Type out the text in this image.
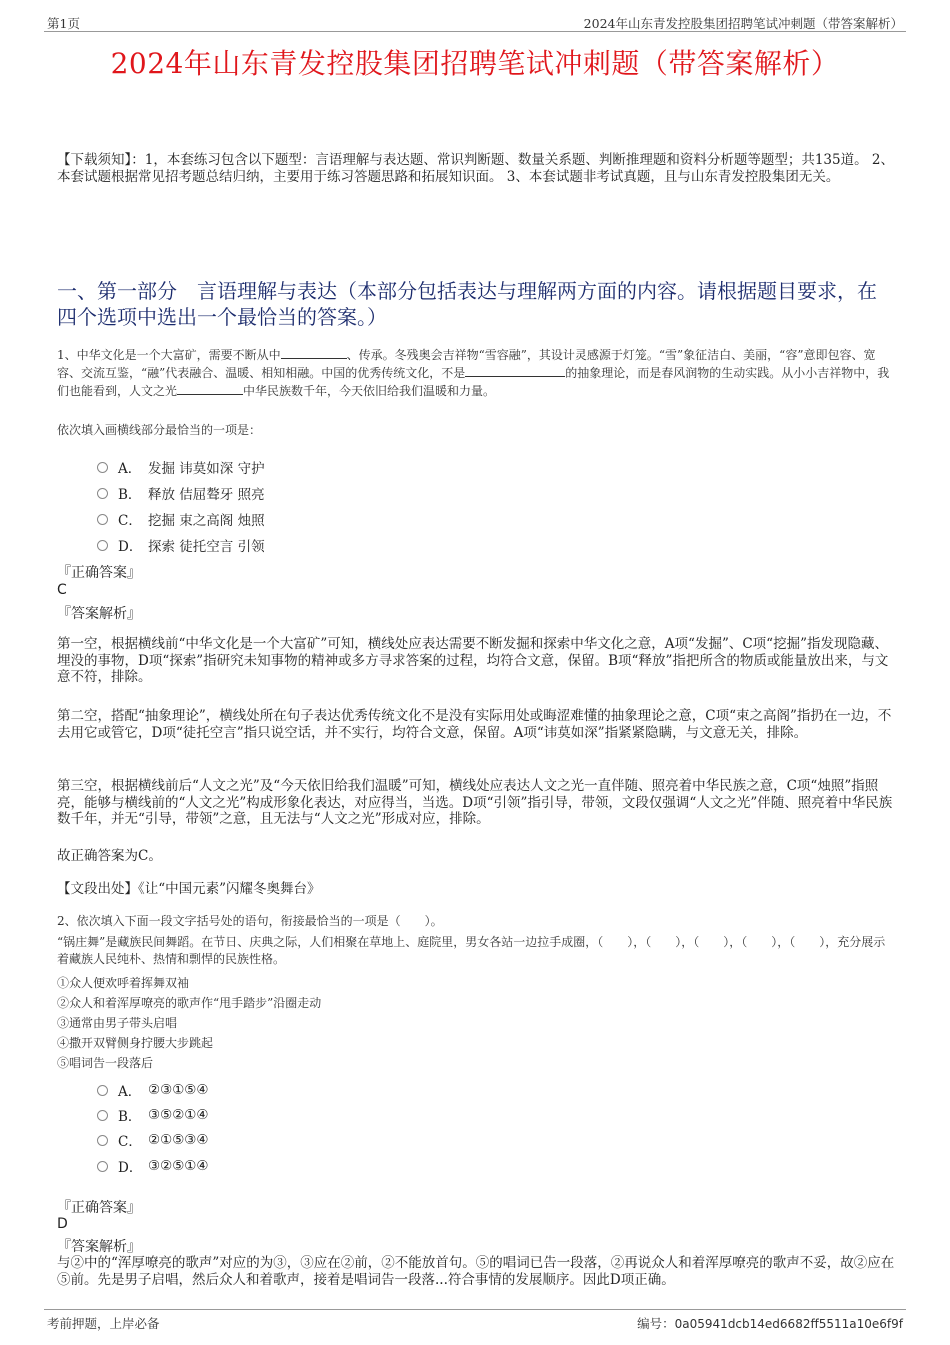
第1页	2024年山东青发控股集团招聘笔试冲刺题（带答案解析）
2024年山东青发控股集团招聘笔试冲刺题（带答案解析）
【下载须知】：1，本套练习包含以下题型：言语理解与表达题、常识判断题、数量关系题、判断推理题和资料分析题等题型；共135道。 2、本套试题根据常见招考题总结归纳，主要用于练习答题思路和拓展知识面。 3、本套试题非考试真题，且与山东青发控股集团无关。
一、第一部分　言语理解与表达（本部分包括表达与理解两方面的内容。请根据题目要求，在四个选项中选出一个最恰当的答案。）
1、中华文化是一个大富矿，需要不断从中	、传承。冬残奥会吉祥物“雪容融”，其设计灵感源于灯笼。“雪”象征洁白、美丽，“容”意即包容、宽容、交流互鉴，“融”代表融合、温暖、相知相融。中国的优秀传统文化，不是	的抽象理论，而是春风润物的生动实践。从小小吉祥物中，我们也能看到，人文之光	中华民族数千年，今天依旧给我们温暖和力量。
依次填入画横线部分最恰当的一项是：
A． 发掘 讳莫如深 守护
B． 释放 佶屈聱牙 照亮
C． 挖掘 束之高阁 烛照
D． 探索 徒托空言 引领
『正确答案』
C
『答案解析』
第一空，根据横线前“中华文化是一个大富矿”可知，横线处应表达需要不断发掘和探索中华文化之意，A项“发掘”、C项“挖掘”指发现隐藏、埋没的事物，D项“探索”指研究未知事物的精神或多方寻求答案的过程，均符合文意，保留。B项“释放”指把所含的物质或能量放出来，与文意不符，排除。
第二空，搭配“抽象理论”，横线处所在句子表达优秀传统文化不是没有实际用处或晦涩难懂的抽象理论之意，C项“束之高阁”指扔在一边，不去用它或管它，D项“徒托空言”指只说空话，并不实行，均符合文意，保留。A项“讳莫如深”指紧紧隐瞒，与文意无关，排除。
第三空，根据横线前后“人文之光”及“今天依旧给我们温暖”可知，横线处应表达人文之光一直伴随、照亮着中华民族之意，C项“烛照”指照亮，能够与横线前的“人文之光”构成形象化表达，对应得当，当选。D项“引领”指引导，带领，文段仅强调“人文之光”伴随、照亮着中华民族数千年，并无“引导，带领”之意，且无法与“人文之光”形成对应，排除。
故正确答案为C。
【文段出处】《让“中国元素”闪耀冬奥舞台》
2、依次填入下面一段文字括号处的语句，衔接最恰当的一项是（　　）。
“锅庄舞”是藏族民间舞蹈。在节日、庆典之际，人们相聚在草地上、庭院里，男女各站一边拉手成圈，（　　），（　　），（　　），（　　），（　　），充分展示着藏族人民纯朴、热情和剽悍的民族性格。
①众人便欢呼着挥舞双袖
②众人和着浑厚嘹亮的歌声作“甩手踏步”沿圈走动
③通常由男子带头启唱
④撒开双臂侧身拧腰大步跳起
⑤唱词告一段落后
A． ②③①⑤④
B． ③⑤②①④
C． ②①⑤③④
D． ③②⑤①④
『正确答案』
D
『答案解析』
与②中的“浑厚嘹亮的歌声”对应的为③，③应在②前，②不能放首句。⑤的唱词已告一段落，②再说众人和着浑厚嘹亮的歌声不妥，故②应在⑤前。先是男子启唱，然后众人和着歌声，接着是唱词告一段落...符合事情的发展顺序。因此D项正确。
考前押题，上岸必备	编号：0a05941dcb14ed6682ff5511a10e6f9f
